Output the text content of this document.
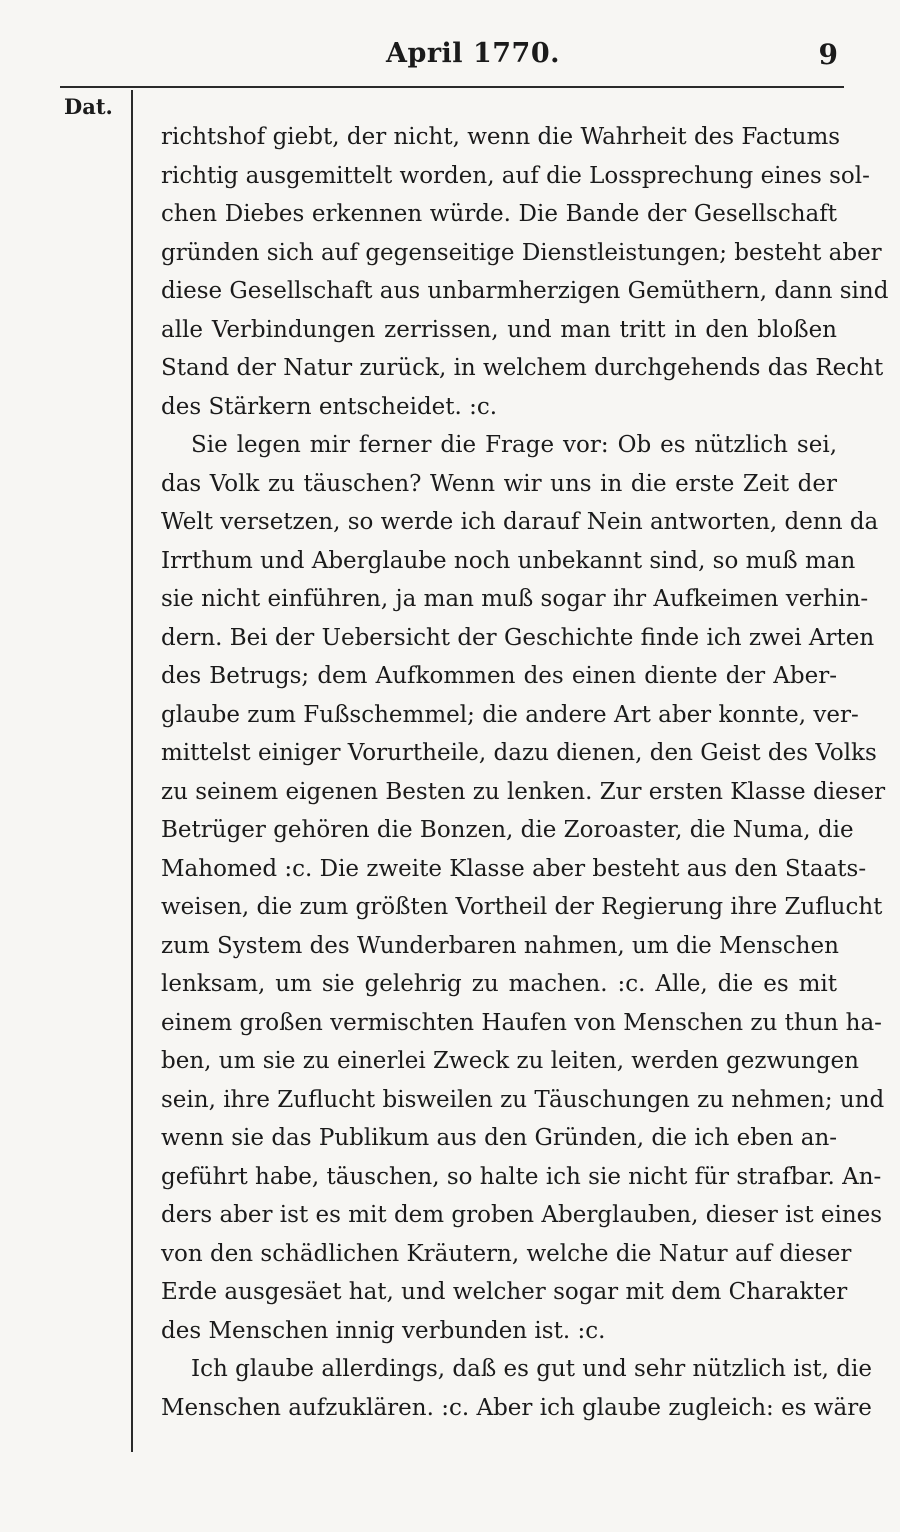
April 1770.	9
Dat.
richtshof giebt, der nicht, wenn die Wahrheit des Factums
richtig ausgemittelt worden, auf die Lossprechung eines sol-
chen Diebes erkennen würde. Die Bande der Gesellschaft
gründen sich auf gegenseitige Dienstleistungen; besteht aber
diese Gesellschaft aus unbarmherzigen Gemüthern, dann sind
alle Verbindungen zerrissen, und man tritt in den bloßen
Stand der Natur zurück, in welchem durchgehends das Recht
des Stärkern entscheidet. :c.
Sie legen mir ferner die Frage vor: Ob es nützlich sei,
das Volk zu täuschen? Wenn wir uns in die erste Zeit der
Welt versetzen, so werde ich darauf Nein antworten, denn da
Irrthum und Aberglaube noch unbekannt sind, so muß man
sie nicht einführen, ja man muß sogar ihr Aufkeimen verhin-
dern. Bei der Uebersicht der Geschichte finde ich zwei Arten
des Betrugs; dem Aufkommen des einen diente der Aber-
glaube zum Fußschemmel; die andere Art aber konnte, ver-
mittelst einiger Vorurtheile, dazu dienen, den Geist des Volks
zu seinem eigenen Besten zu lenken. Zur ersten Klasse dieser
Betrüger gehören die Bonzen, die Zoroaster, die Numa, die
Mahomed :c. Die zweite Klasse aber besteht aus den Staats-
weisen, die zum größten Vortheil der Regierung ihre Zuflucht
zum System des Wunderbaren nahmen, um die Menschen
lenksam, um sie gelehrig zu machen. :c. Alle, die es mit
einem großen vermischten Haufen von Menschen zu thun ha-
ben, um sie zu einerlei Zweck zu leiten, werden gezwungen
sein, ihre Zuflucht bisweilen zu Täuschungen zu nehmen; und
wenn sie das Publikum aus den Gründen, die ich eben an-
geführt habe, täuschen, so halte ich sie nicht für strafbar. An-
ders aber ist es mit dem groben Aberglauben, dieser ist eines
von den schädlichen Kräutern, welche die Natur auf dieser
Erde ausgesäet hat, und welcher sogar mit dem Charakter
des Menschen innig verbunden ist. :c.
Ich glaube allerdings, daß es gut und sehr nützlich ist, die
Menschen aufzuklären. :c. Aber ich glaube zugleich: es wäre
